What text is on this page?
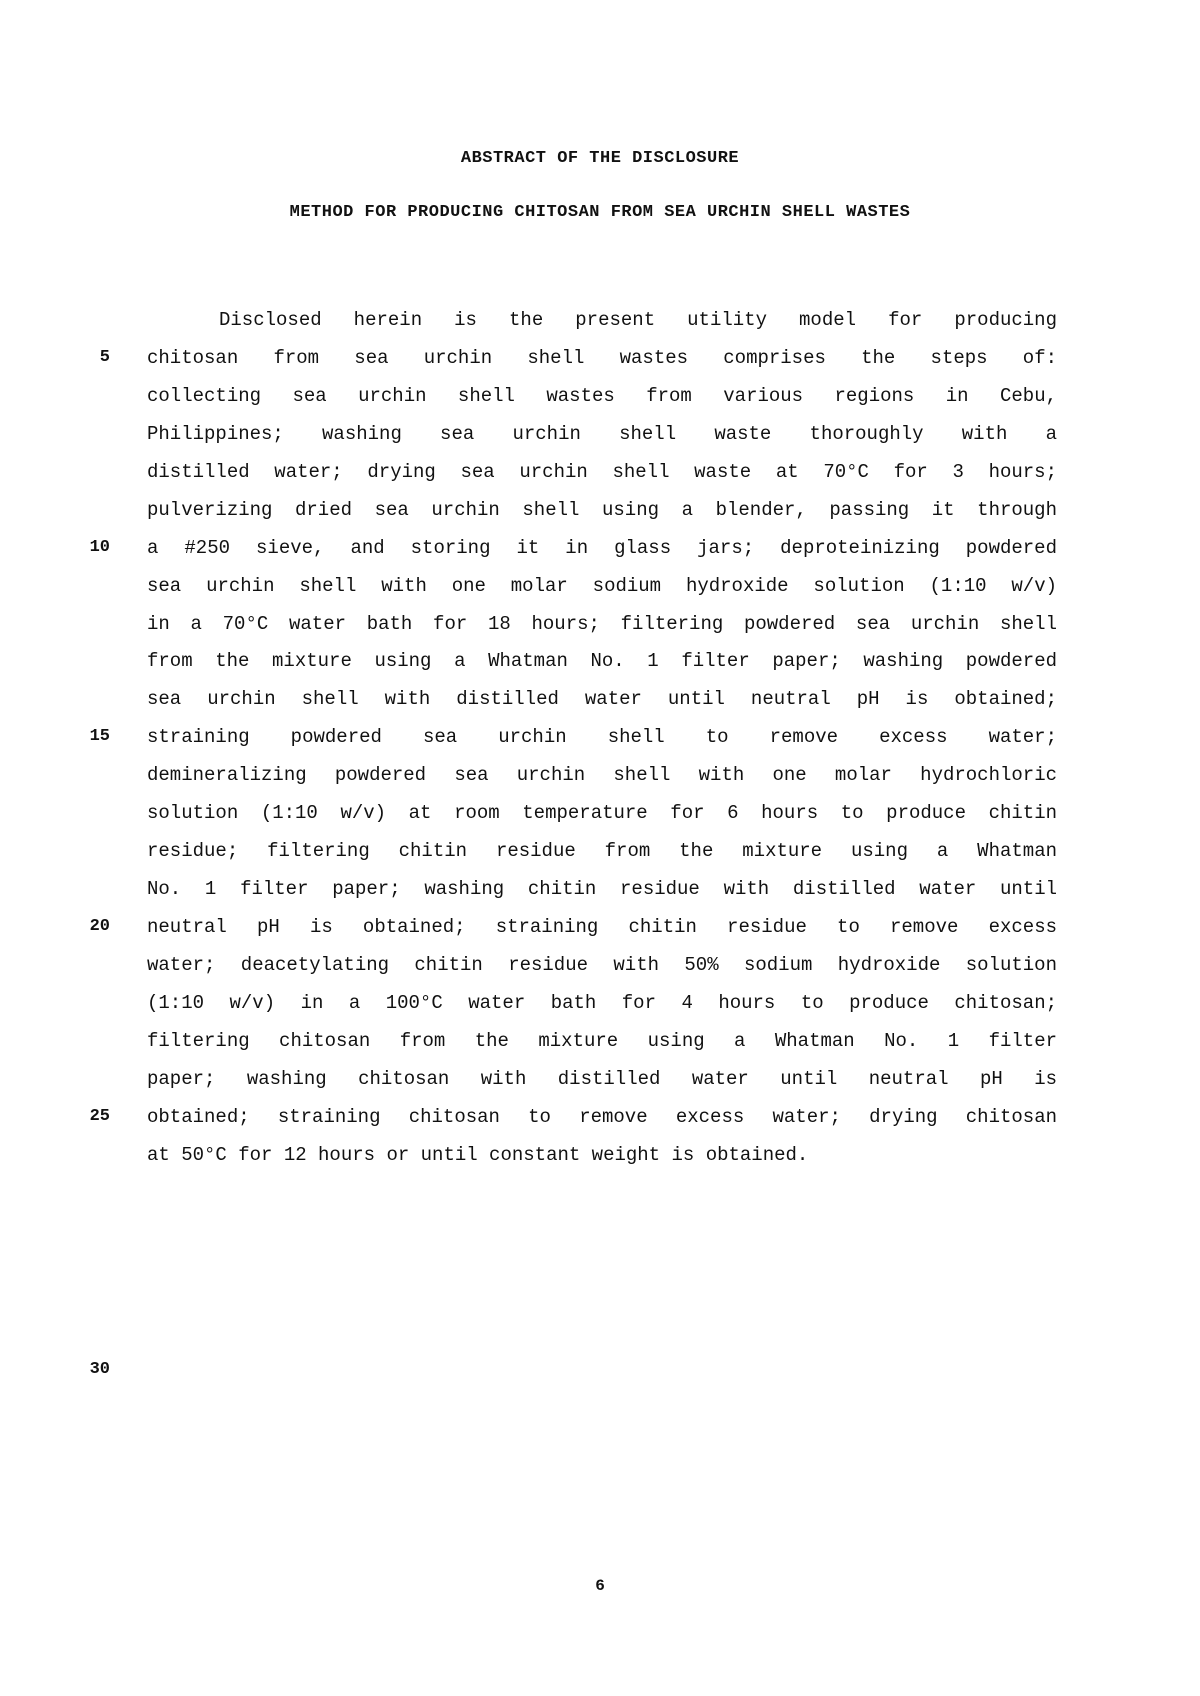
ABSTRACT OF THE DISCLOSURE
METHOD FOR PRODUCING CHITOSAN FROM SEA URCHIN SHELL WASTES

Disclosed herein is the present utility model for producing

chitosan from sea urchin shell wastes comprises the steps of:

collecting sea urchin shell wastes from various regions in Cebu,

Philippines; washing sea urchin shell waste thoroughly with a

distilled water; drying sea urchin shell waste at 70°C for 3 hours;

pulverizing dried sea urchin shell using a blender, passing it through

a #250 sieve, and storing it in glass jars; deproteinizing powdered

sea urchin shell with one molar sodium hydroxide solution (1:10 w/v)

in a 70°C water bath for 18 hours; filtering powdered sea urchin shell

from the mixture using a Whatman No. 1 filter paper; washing powdered

sea urchin shell with distilled water until neutral pH is obtained;

straining powdered sea urchin shell to remove excess water;

demineralizing powdered sea urchin shell with one molar hydrochloric

solution (1:10 w/v) at room temperature for 6 hours to produce chitin

residue; filtering chitin residue from the mixture using a Whatman

No. 1 filter paper; washing chitin residue with distilled water until

neutral pH is obtained; straining chitin residue to remove excess

water; deacetylating chitin residue with 50% sodium hydroxide solution

(1:10 w/v) in a 100°C water bath for 4 hours to produce chitosan;

filtering chitosan from the mixture using a Whatman No. 1 filter

paper; washing chitosan with distilled water until neutral pH is

obtained; straining chitosan to remove excess water; drying chitosan

at 50°C for 12 hours or until constant weight is obtained.

5
10
15
20
25
30
6
